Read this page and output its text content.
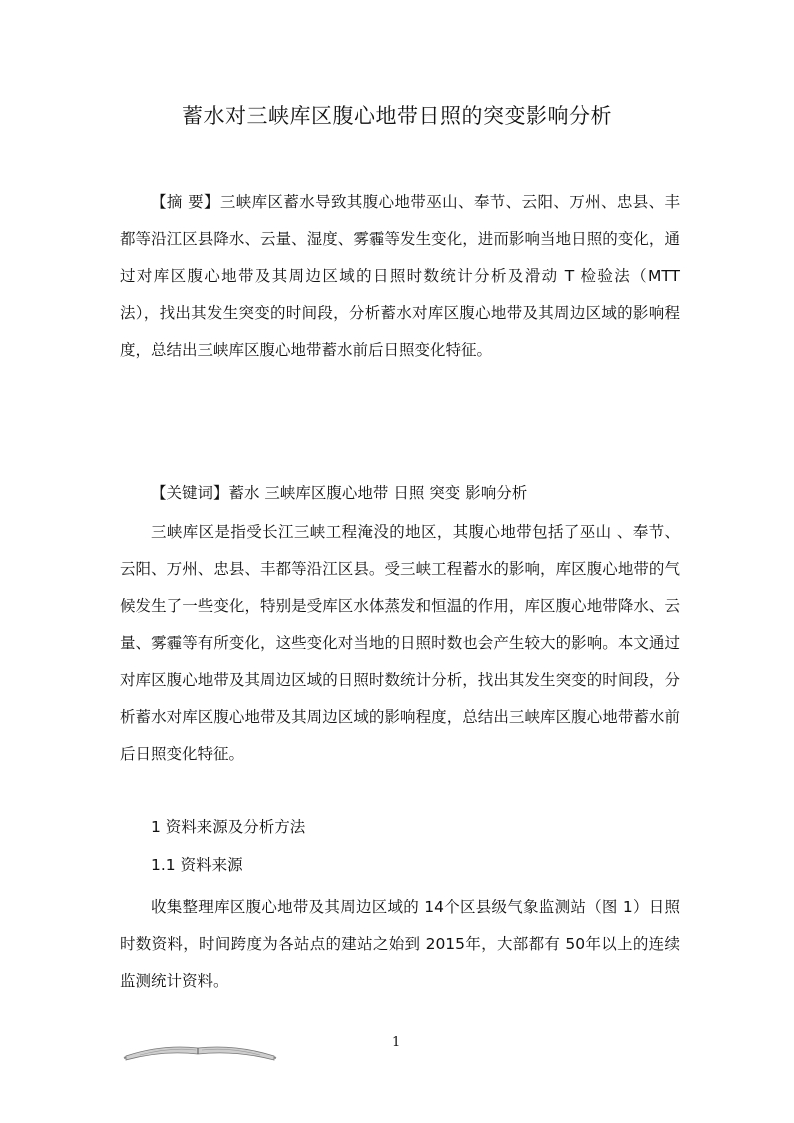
蓄水对三峡库区腹心地带日照的突变影响分析

【摘 要】三峡库区蓄水导致其腹心地带巫山、奉节、云阳、万州、忠县、丰都等沿江区县降水、云量、湿度、雾霾等发生变化，进而影响当地日照的变化，通过对库区腹心地带及其周边区域的日照时数统计分析及滑动 T 检验法（MTT 法），找出其发生突变的时间段，分析蓄水对库区腹心地带及其周边区域的影响程度，总结出三峡库区腹心地带蓄水前后日照变化特征。

【关键词】蓄水 三峡库区腹心地带 日照 突变 影响分析

三峡库区是指受长江三峡工程淹没的地区，其腹心地带包括了巫山 、奉节、云阳、万州、忠县、丰都等沿江区县。受三峡工程蓄水的影响，库区腹心地带的气候发生了一些变化，特别是受库区水体蒸发和恒温的作用，库区腹心地带降水、云量、雾霾等有所变化，这些变化对当地的日照时数也会产生较大的影响。本文通过对库区腹心地带及其周边区域的日照时数统计分析，找出其发生突变的时间段，分析蓄水对库区腹心地带及其周边区域的影响程度，总结出三峡库区腹心地带蓄水前后日照变化特征。

1 资料来源及分析方法

1.1 资料来源

收集整理库区腹心地带及其周边区域的 14个区县级气象监测站（图 1）日照时数资料，时间跨度为各站点的建站之始到 2015年，大部都有 50年以上的连续监测统计资料。

1
